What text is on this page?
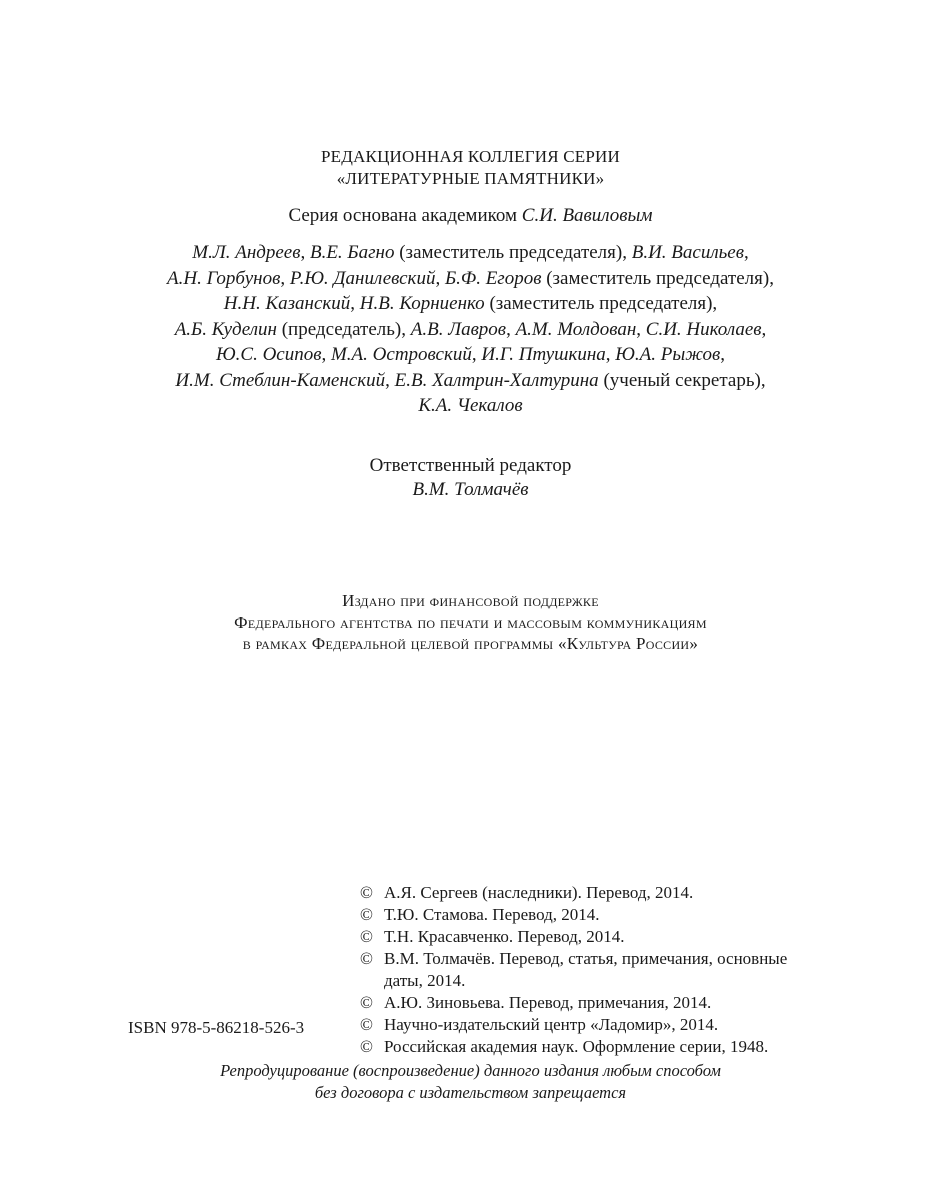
РЕДАКЦИОННАЯ КОЛЛЕГИЯ СЕРИИ
«ЛИТЕРАТУРНЫЕ ПАМЯТНИКИ»
Серия основана академиком С.И. Вавиловым
М.Л. Андреев, В.Е. Багно (заместитель председателя), В.И. Васильев,
А.Н. Горбунов, Р.Ю. Данилевский, Б.Ф. Егоров (заместитель председателя),
Н.Н. Казанский, Н.В. Корниенко (заместитель председателя),
А.Б. Куделин (председатель), А.В. Лавров, А.М. Молдован, С.И. Николаев,
Ю.С. Осипов, М.А. Островский, И.Г. Птушкина, Ю.А. Рыжов,
И.М. Стеблин-Каменский, Е.В. Халтрин-Халтурина (ученый секретарь),
К.А. Чекалов
Ответственный редактор
В.М. Толмачёв
Издано при финансовой поддержке
Федерального агентства по печати и массовым коммуникациям
в рамках Федеральной целевой программы «Культура России»
© А.Я. Сергеев (наследники). Перевод, 2014.
© Т.Ю. Стамова. Перевод, 2014.
© Т.Н. Красавченко. Перевод, 2014.
© В.М. Толмачёв. Перевод, статья, примечания, основные даты, 2014.
© А.Ю. Зиновьева. Перевод, примечания, 2014.
© Научно-издательский центр «Ладомир», 2014.
© Российская академия наук. Оформление серии, 1948.
ISBN 978-5-86218-526-3
Репродуцирование (воспроизведение) данного издания любым способом
без договора с издательством запрещается
